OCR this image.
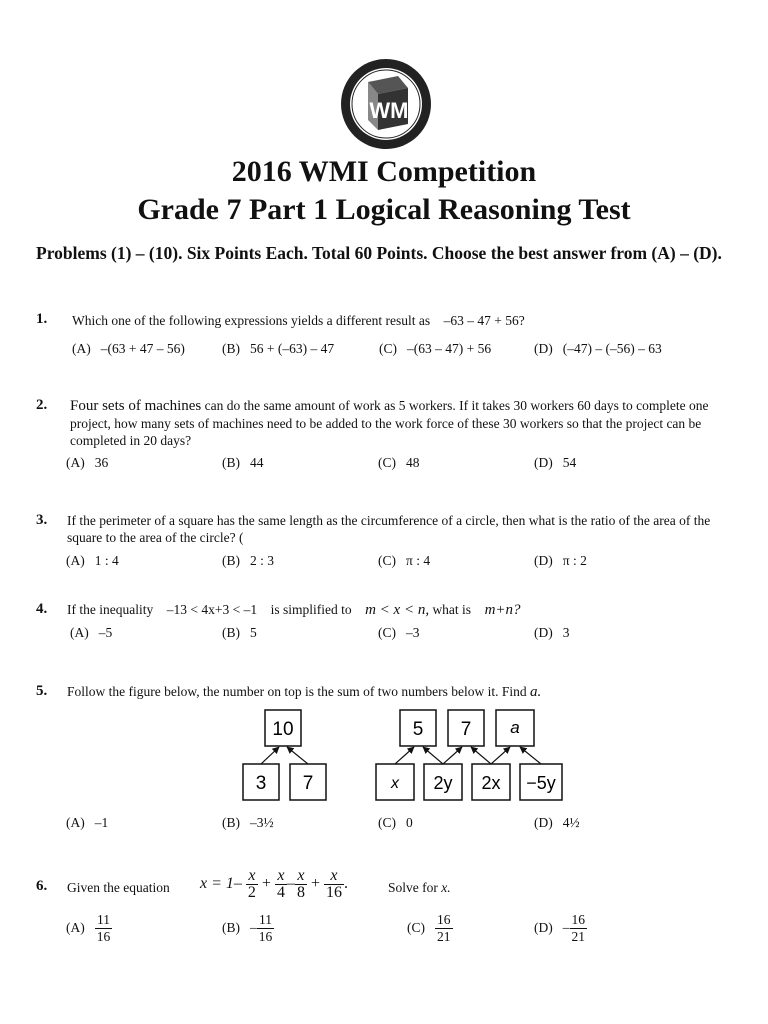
WMI
2016 WMI Competition
Grade 7 Part 1 Logical Reasoning Test
Problems (1) – (10). Six Points Each. Total 60 Points. Choose the best answer from (A) – (D).
1. Which one of the following expressions yields a different result as –63 – 47 + 56?
(A) –(63 + 47 – 56)	(B) 56 + (–63) – 47	(C) –(63 – 47) + 56	(D) (–47) – (–56) – 63
2. Four sets of machines can do the same amount of work as 5 workers. If it takes 30 workers 60 days to complete one project, how many sets of machines need to be added to the work force of these 30 workers so that the project can be completed in 20 days?
(A) 36	(B) 44	(C) 48	(D) 54
3. If the perimeter of a square has the same length as the circumference of a circle, then what is the ratio of the area of the square to the area of the circle? (
(A) 1 : 4	(B) 2 : 3	(C) π : 4	(D) π : 2
4. If the inequality –13 < 4x+3 < –1 is simplified to m < x < n, what is m+n?
(A) –5	(B) 5	(C) –3	(D) 3
5. Follow the figure below, the number on top is the sum of two numbers below it. Find a.
10
3 7
5 7 a
x 2y 2x −5y
(A) –1	(B) –3½	(C) 0	(D) 4½
6. Given the equation $x = 1- \frac{x}{2} + \frac{x}{4} - \frac{x}{8} + \frac{x}{16}$ .	Solve for x.
$(A) \frac{11}{16}$	$(B) - \frac{11}{16}$	$(C) \frac{16}{21}$	$(D) - \frac{16}{21}$
